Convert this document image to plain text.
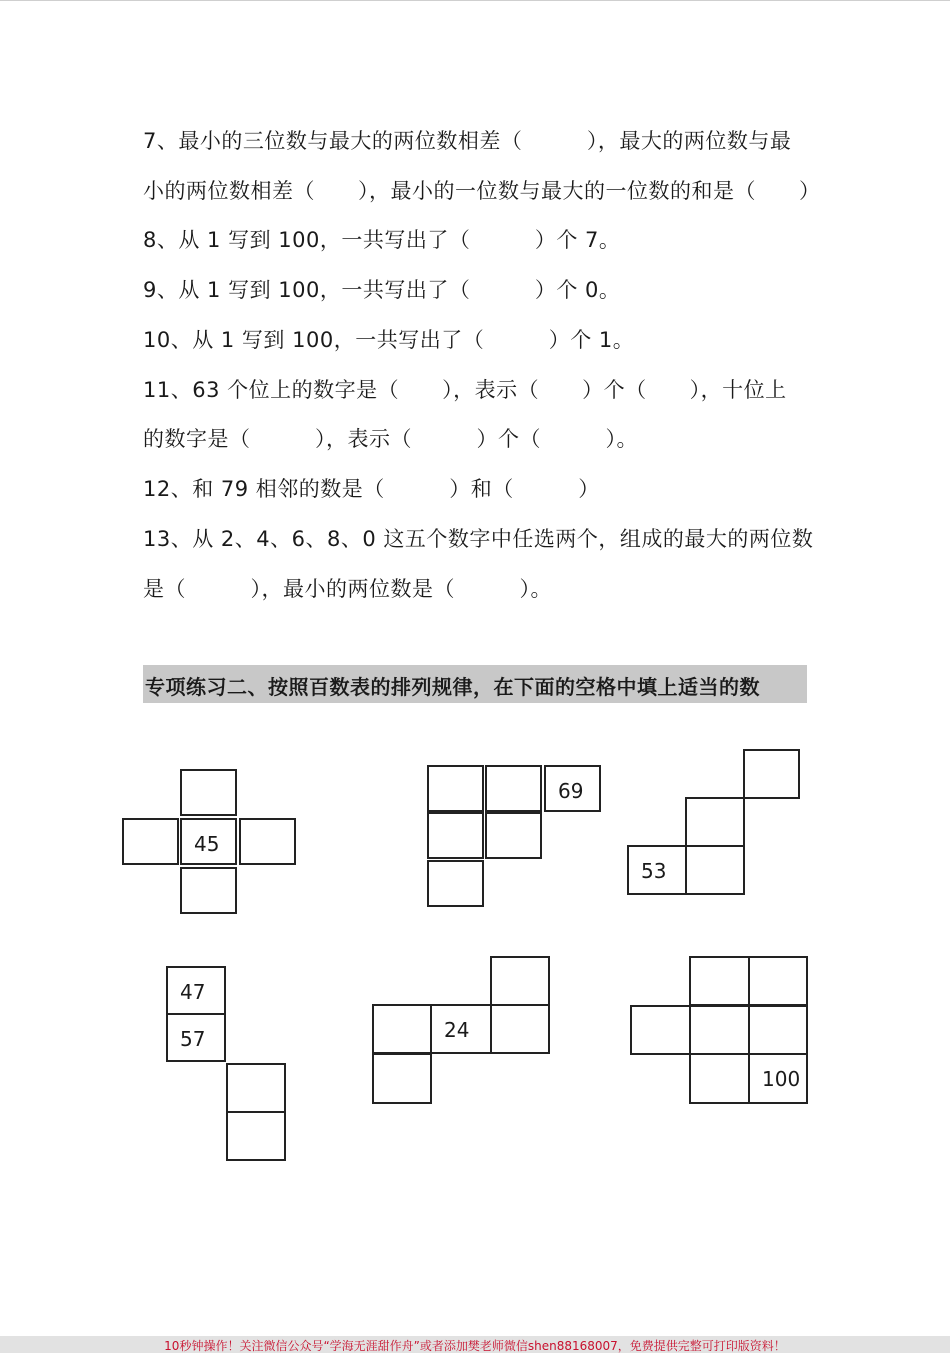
7、最小的三位数与最大的两位数相差（　　　），最大的两位数与最
小的两位数相差（　　），最小的一位数与最大的一位数的和是（　　）
8、从 1 写到 100，一共写出了（　　　）个 7。
9、从 1 写到 100，一共写出了（　　　）个 0。
10、从 1 写到 100，一共写出了（　　　）个 1。
11、63 个位上的数字是（　　），表示（　　）个（　　），十位上
的数字是（　　　），表示（　　　）个（　　　）。
12、和 79 相邻的数是（　　　）和（　　　）
13、从 2、4、6、8、0 这五个数字中任选两个，组成的最大的两位数
是（　　　），最小的两位数是（　　　）。
专项练习二、按照百数表的排列规律，在下面的空格中填上适当的数
45
69
53
47
57	24
100
10秒钟操作！关注微信公众号“学海无涯甜作舟”或者添加樊老师微信shen88168007，免费提供完整可打印版资料！
